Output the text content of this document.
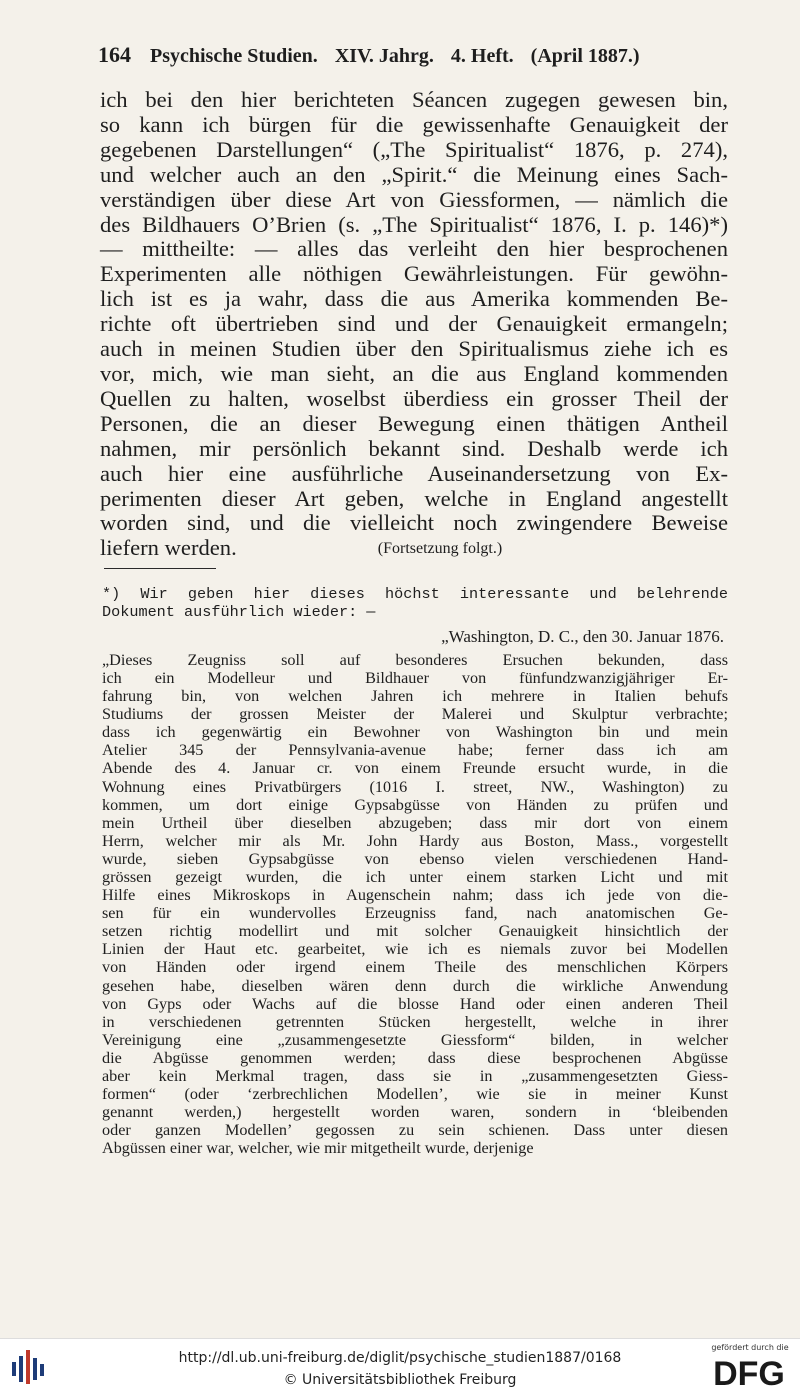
164 Psychische Studien. XIV. Jahrg. 4. Heft. (April 1887.)
ich bei den hier berichteten Séancen zugegen gewesen bin,
so kann ich bürgen für die gewissenhafte Genauigkeit der
gegebenen Darstellungen“ („The Spiritualist“ 1876, p. 274),
und welcher auch an den „Spirit.“ die Meinung eines Sach-
verständigen über diese Art von Giessformen, — nämlich die
des Bildhauers O’Brien (s. „The Spiritualist“ 1876, I. p. 146)*)
— mittheilte: — alles das verleiht den hier besprochenen
Experimenten alle nöthigen Gewährleistungen. Für gewöhn-
lich ist es ja wahr, dass die aus Amerika kommenden Be-
richte oft übertrieben sind und der Genauigkeit ermangeln;
auch in meinen Studien über den Spiritualismus ziehe ich es
vor, mich, wie man sieht, an die aus England kommenden
Quellen zu halten, woselbst überdiess ein grosser Theil der
Personen, die an dieser Bewegung einen thätigen Antheil
nahmen, mir persönlich bekannt sind. Deshalb werde ich
auch hier eine ausführliche Auseinandersetzung von Ex-
perimenten dieser Art geben, welche in England angestellt
worden sind, und die vielleicht noch zwingendere Beweise
liefern werden.	(Fortsetzung folgt.)
*) Wir geben hier dieses höchst interessante und belehrende
Dokument ausführlich wieder: —
„Washington, D. C., den 30. Januar 1876.
„Dieses Zeugniss soll auf besonderes Ersuchen bekunden, dass
ich ein Modelleur und Bildhauer von fünfundzwanzigjähriger Er-
fahrung bin, von welchen Jahren ich mehrere in Italien behufs
Studiums der grossen Meister der Malerei und Skulptur verbrachte;
dass ich gegenwärtig ein Bewohner von Washington bin und mein
Atelier 345 der Pennsylvania-avenue habe; ferner dass ich am
Abende des 4. Januar cr. von einem Freunde ersucht wurde, in die
Wohnung eines Privatbürgers (1016 I. street, NW., Washington) zu
kommen, um dort einige Gypsabgüsse von Händen zu prüfen und
mein Urtheil über dieselben abzugeben; dass mir dort von einem
Herrn, welcher mir als Mr. John Hardy aus Boston, Mass., vorgestellt
wurde, sieben Gypsabgüsse von ebenso vielen verschiedenen Hand-
grössen gezeigt wurden, die ich unter einem starken Licht und mit
Hilfe eines Mikroskops in Augenschein nahm; dass ich jede von die-
sen für ein wundervolles Erzeugniss fand, nach anatomischen Ge-
setzen richtig modellirt und mit solcher Genauigkeit hinsichtlich der
Linien der Haut etc. gearbeitet, wie ich es niemals zuvor bei Modellen
von Händen oder irgend einem Theile des menschlichen Körpers
gesehen habe, dieselben wären denn durch die wirkliche Anwendung
von Gyps oder Wachs auf die blosse Hand oder einen anderen Theil
in verschiedenen getrennten Stücken hergestellt, welche in ihrer
Vereinigung eine „zusammengesetzte Giessform“ bilden, in welcher
die Abgüsse genommen werden; dass diese besprochenen Abgüsse
aber kein Merkmal tragen, dass sie in „zusammengesetzten Giess-
formen“ (oder ‘zerbrechlichen Modellen’, wie sie in meiner Kunst
genannt werden,) hergestellt worden waren, sondern in ‘bleibenden
oder ganzen Modellen’ gegossen zu sein schienen. Dass unter diesen
Abgüssen einer war, welcher, wie mir mitgetheilt wurde, derjenige
http://dl.ub.uni-freiburg.de/diglit/psychische_studien1887/0168
© Universitätsbibliothek Freiburg
gefördert durch die
DFG
